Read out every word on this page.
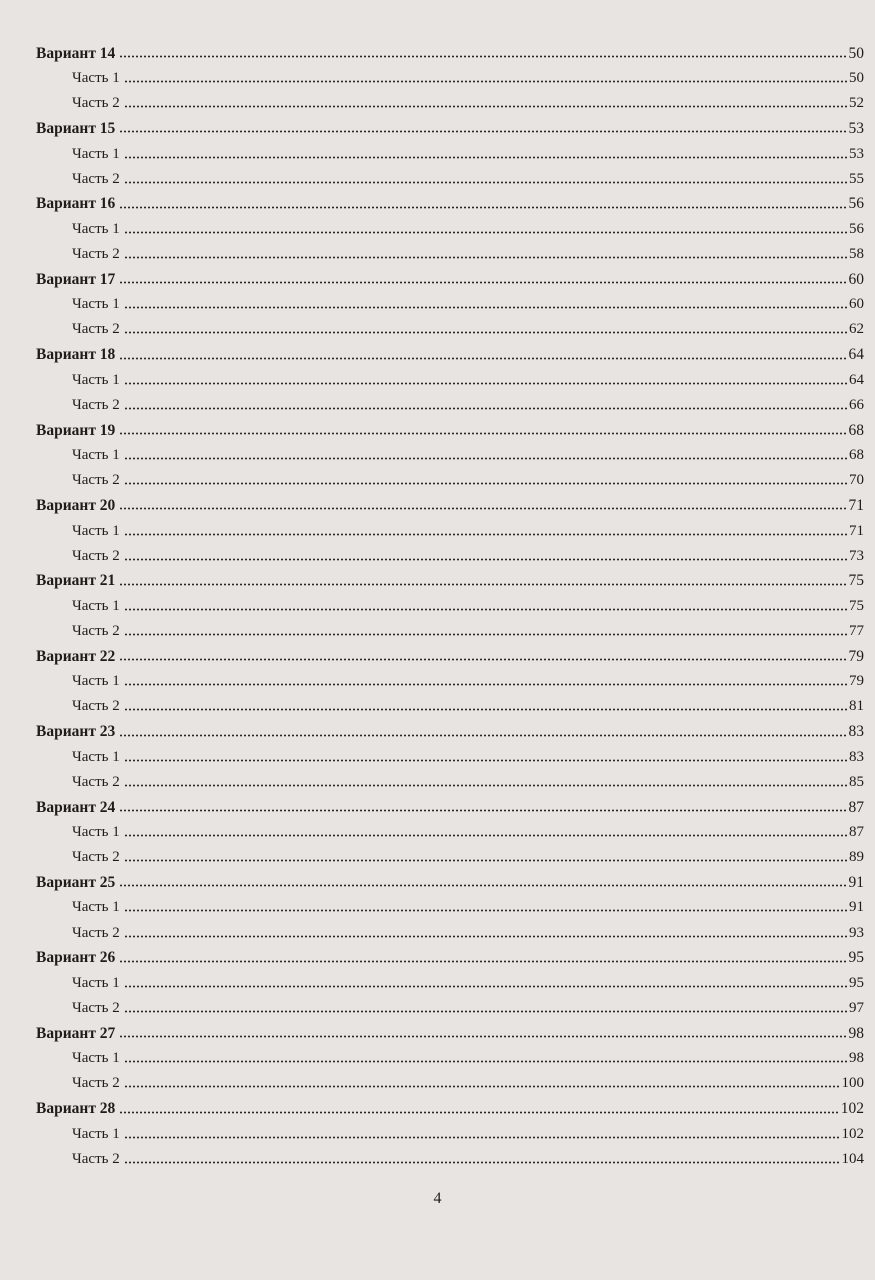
Вариант 14	50
Часть 1	50
Часть 2	52
Вариант 15	53
Часть 1	53
Часть 2	55
Вариант 16	56
Часть 1	56
Часть 2	58
Вариант 17	60
Часть 1	60
Часть 2	62
Вариант 18	64
Часть 1	64
Часть 2	66
Вариант 19	68
Часть 1	68
Часть 2	70
Вариант 20	71
Часть 1	71
Часть 2	73
Вариант 21	75
Часть 1	75
Часть 2	77
Вариант 22	79
Часть 1	79
Часть 2	81
Вариант 23	83
Часть 1	83
Часть 2	85
Вариант 24	87
Часть 1	87
Часть 2	89
Вариант 25	91
Часть 1	91
Часть 2	93
Вариант 26	95
Часть 1	95
Часть 2	97
Вариант 27	98
Часть 1	98
Часть 2	100
Вариант 28	102
Часть 1	102
Часть 2	104
4
